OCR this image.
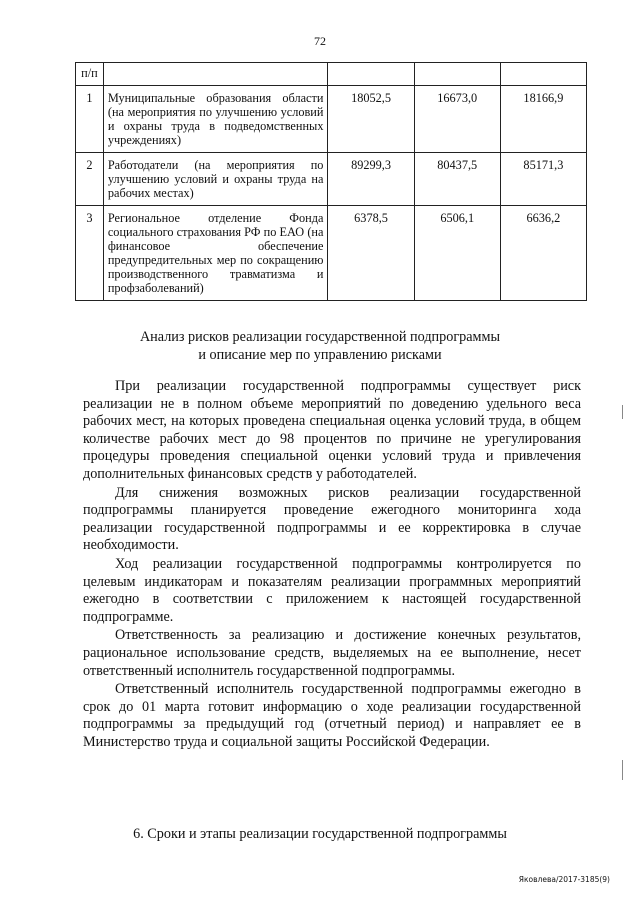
72
п/п				
1	Муниципальные образования области (на мероприятия по улучшению условий и охраны труда в подведомственных учреждениях)	18052,5	16673,0	18166,9
2	Работодатели (на мероприятия по улучшению условий и охраны труда на рабочих местах)	89299,3	80437,5	85171,3
3	Региональное отделение Фонда социального страхования РФ по ЕАО (на финансовое обеспечение предупредительных мер по сокращению производственного травматизма и профзаболеваний)	6378,5	6506,1	6636,2
Анализ рисков реализации государственной подпрограммы
и описание мер по управлению рисками

При реализации государственной подпрограммы существует риск реализации не в полном объеме мероприятий по доведению удельного веса рабочих мест, на которых проведена специальная оценка условий труда, в общем количестве рабочих мест до 98 процентов по причине не урегулирования процедуры проведения специальной оценки условий труда и привлечения дополнительных финансовых средств у работодателей.

Для снижения возможных рисков реализации государственной подпрограммы планируется проведение ежегодного мониторинга хода реализации государственной подпрограммы и ее корректировка в случае необходимости.

Ход реализации государственной подпрограммы контролируется по целевым индикаторам и показателям реализации программных мероприятий ежегодно в соответствии с приложением к настоящей государственной подпрограмме.

Ответственность за реализацию и достижение конечных результатов, рациональное использование средств, выделяемых на ее выполнение, несет ответственный исполнитель государственной подпрограммы.

Ответственный исполнитель государственной подпрограммы ежегодно в срок до 01 марта готовит информацию о ходе реализации государственной подпрограммы за предыдущий год (отчетный период) и направляет ее в Министерство труда и социальной защиты Российской Федерации.

6. Сроки и этапы реализации государственной подпрограммы
Яковлева/2017-3185(9)
